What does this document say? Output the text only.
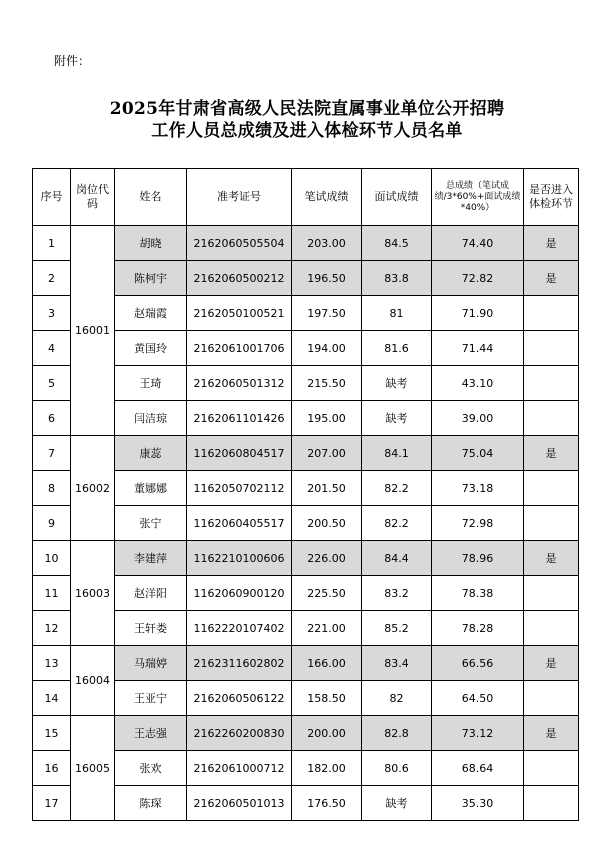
附件：
2025年甘肃省高级人民法院直属事业单位公开招聘
工作人员总成绩及进入体检环节人员名单
序号	岗位代码	姓名	准考证号	笔试成绩	面试成绩	总成绩（笔试成绩/3*60%+面试成绩*40%）	是否进入体检环节
1	16001	胡晓	2162060505504	203.00	84.5	74.40	是
2		陈柯宇	2162060500212	196.50	83.8	72.82	是
3		赵瑞霞	2162050100521	197.50	81	71.90	
4		黄国玲	2162061001706	194.00	81.6	71.44	
5		王琦	2162060501312	215.50	缺考	43.10	
6		闫洁琼	2162061101426	195.00	缺考	39.00	
7	16002	康蕊	1162060804517	207.00	84.1	75.04	是
8		董娜娜	1162050702112	201.50	82.2	73.18	
9		张宁	1162060405517	200.50	82.2	72.98	
10	16003	李建萍	1162210100606	226.00	84.4	78.96	是
11		赵洋阳	1162060900120	225.50	83.2	78.38	
12		王轩娄	1162220107402	221.00	85.2	78.28	
13	16004	马瑞婷	2162311602802	166.00	83.4	66.56	是
14		王亚宁	2162060506122	158.50	82	64.50	
15	16005	王志强	2162260200830	200.00	82.8	73.12	是
16		张欢	2162061000712	182.00	80.6	68.64	
17		陈琛	2162060501013	176.50	缺考	35.30	
